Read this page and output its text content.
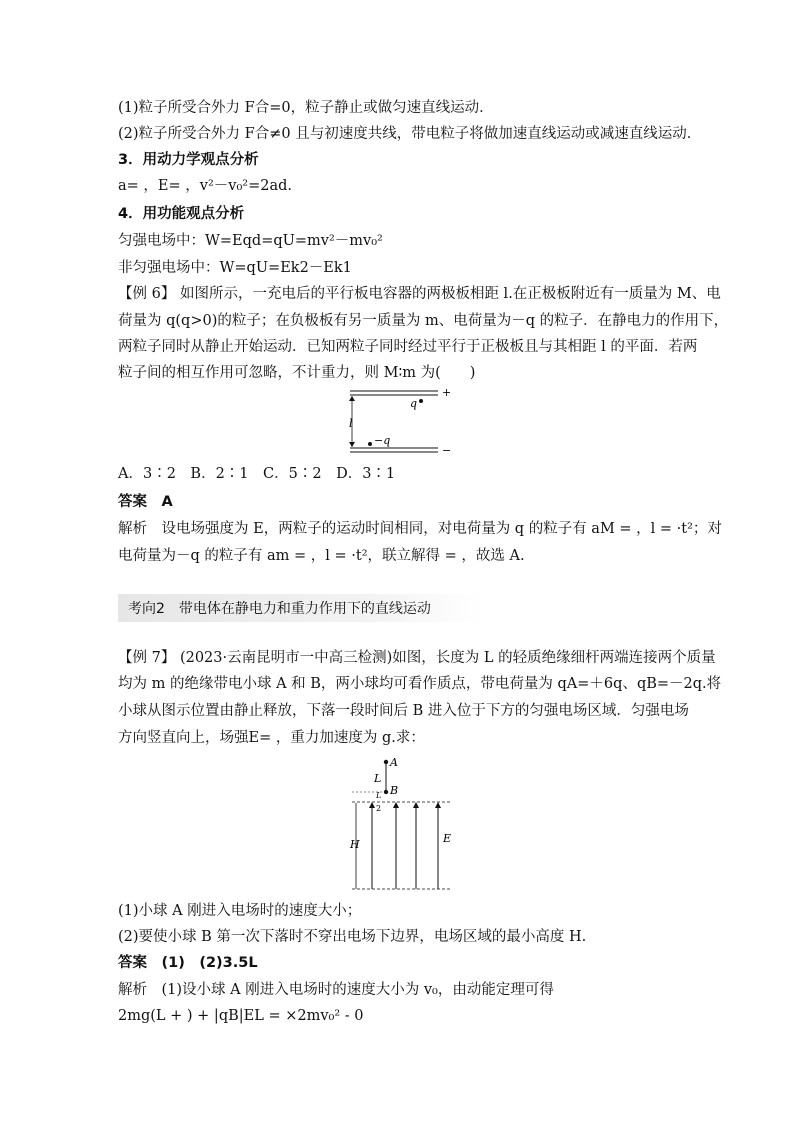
(1)粒子所受合外力 F合=0，粒子静止或做匀速直线运动．
(2)粒子所受合外力 F合≠0 且与初速度共线，带电粒子将做加速直线运动或减速直线运动．
3．用动力学观点分析
a= ，E= ，v²－v₀²=2ad.
4．用功能观点分析
匀强电场中：W=Eqd=qU=mv²－mv₀²
非匀强电场中：W=qU=Ek2－Ek1
【例 6】 如图所示，一充电后的平行板电容器的两极板相距 l.在正极板附近有一质量为 M、电
荷量为 q(q>0)的粒子；在负极板有另一质量为 m、电荷量为－q 的粒子．在静电力的作用下，
两粒子同时从静止开始运动．已知两粒子同时经过平行于正极板且与其相距 l 的平面．若两
粒子间的相互作用可忽略，不计重力，则 M∶m 为(　　)
l
q
−q
+
−
A．3∶2　B．2∶1　C．5∶2　D．3∶1
答案　A
解析　设电场强度为 E，两粒子的运动时间相同，对电荷量为 q 的粒子有 aM = ，l = ·t²；对
电荷量为－q 的粒子有 am = ，l = ·t²，联立解得 = ，故选 A.
考向2　带电体在静电力和重力作用下的直线运动
【例 7】 (2023·云南昆明市一中高三检测)如图，长度为 L 的轻质绝缘细杆两端连接两个质量
均为 m 的绝缘带电小球 A 和 B，两小球均可看作质点，带电荷量为 qA=＋6q、qB=－2q.将
小球从图示位置由静止释放，下落一段时间后 B 进入位于下方的匀强电场区域．匀强电场
方向竖直向上，场强E= ，重力加速度为 g.求：
A
B
L
L
2
H	E
(1)小球 A 刚进入电场时的速度大小；
(2)要使小球 B 第一次下落时不穿出电场下边界，电场区域的最小高度 H.
答案　(1)　(2)3.5L
解析　(1)设小球 A 刚进入电场时的速度大小为 v₀，由动能定理可得
2mg(L + ) + |qB|EL = ×2mv₀² - 0
